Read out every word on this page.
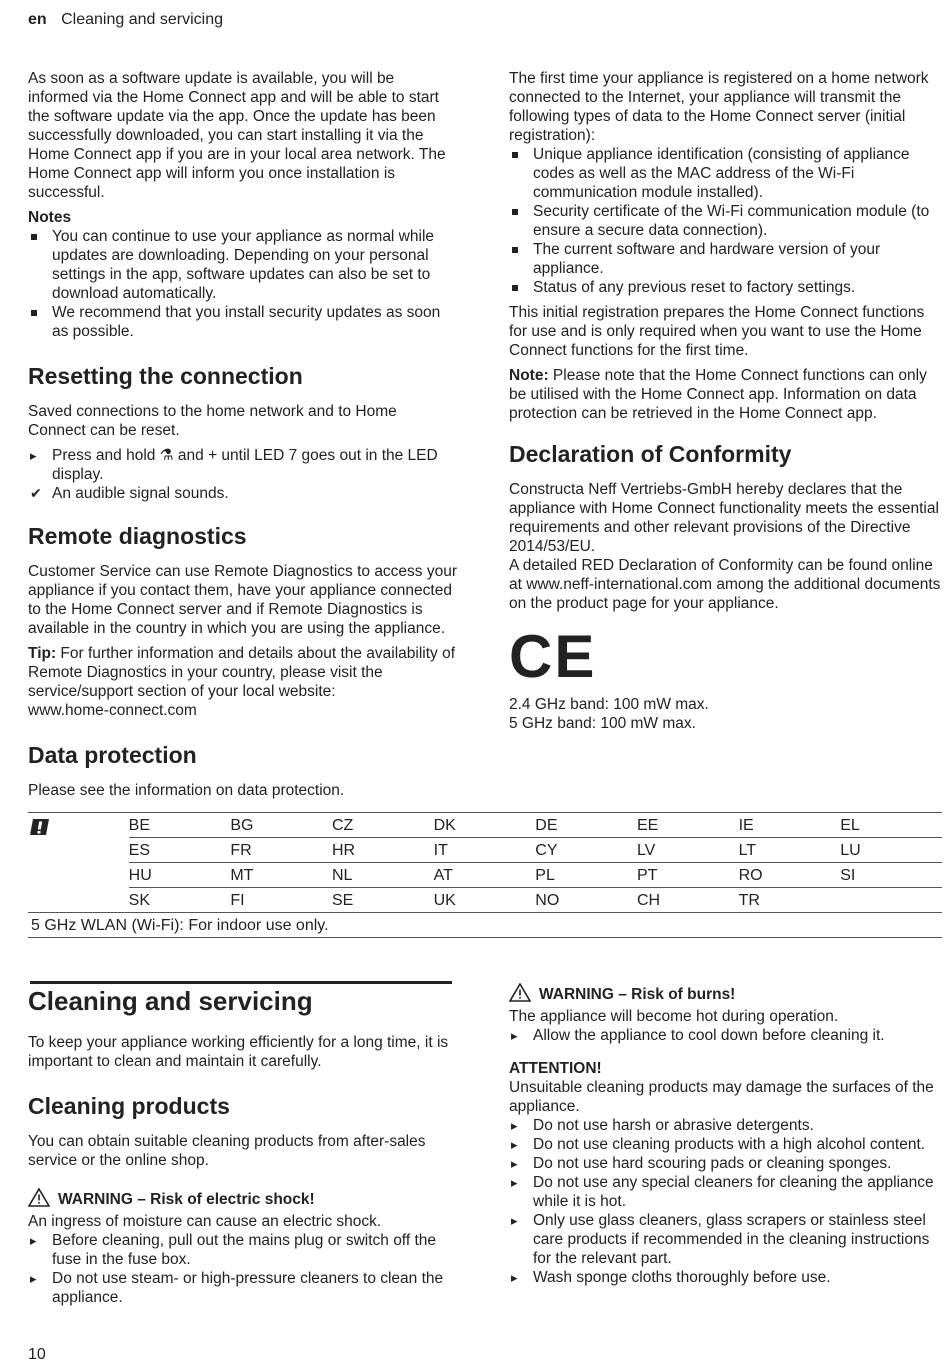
en Cleaning and servicing

As soon as a software update is available, you will be informed via the Home Connect app and will be able to start the software update via the app. Once the update has been successfully downloaded, you can start installing it via the Home Connect app if you are in your local area network. The Home Connect app will inform you once installation is successful.

Notes
You can continue to use your appliance as normal while updates are downloading. Depending on your personal settings in the app, software updates can also be set to download automatically.
We recommend that you install security updates as soon as possible.
Resetting the connection

Saved connections to the home network and to Home Connect can be reset.

▸ Press and hold ⚗ and + until LED 7 goes out in the LED display.
✔ An audible signal sounds.
Remote diagnostics

Customer Service can use Remote Diagnostics to access your appliance if you contact them, have your appliance connected to the Home Connect server and if Remote Diagnostics is available in the country in which you are using the appliance.

Tip: For further information and details about the availability of Remote Diagnostics in your country, please visit the service/support section of your local website:
www.home-connect.com

Data protection

Please see the information on data protection.

The first time your appliance is registered on a home network connected to the Internet, your appliance will transmit the following types of data to the Home Connect server (initial registration):

Unique appliance identification (consisting of appliance codes as well as the MAC address of the Wi-Fi communication module installed).
Security certificate of the Wi-Fi communication module (to ensure a secure data connection).
The current software and hardware version of your appliance.
Status of any previous reset to factory settings.

This initial registration prepares the Home Connect functions for use and is only required when you want to use the Home Connect functions for the first time.

Note: Please note that the Home Connect functions can only be utilised with the Home Connect app. Information on data protection can be retrieved in the Home Connect app.

Declaration of Conformity

Constructa Neff Vertriebs-GmbH hereby declares that the appliance with Home Connect functionality meets the essential requirements and other relevant provisions of the Directive 2014/53/EU.

A detailed RED Declaration of Conformity can be found online at www.neff-international.com among the additional documents on the product page for your appliance.

CE
2.4 GHz band: 100 mW max.
5 GHz band: 100 mW max.
	BE	BG	CZ	DK	DE	EE	IE	EL
	ES	FR	HR	IT	CY	LV	LT	LU
	HU	MT	NL	AT	PL	PT	RO	SI
	SK	FI	SE	UK	NO	CH	TR	
5 GHz WLAN (Wi-Fi): For indoor use only.								
Cleaning and servicing

To keep your appliance working efficiently for a long time, it is important to clean and maintain it carefully.

Cleaning products

You can obtain suitable cleaning products from after-sales service or the online shop.

WARNING – Risk of electric shock!
An ingress of moisture can cause an electric shock.
▸ Before cleaning, pull out the mains plug or switch off the fuse in the fuse box.
▸ Do not use steam- or high-pressure cleaners to clean the appliance.
WARNING – Risk of burns!
The appliance will become hot during operation.
▸ Allow the appliance to cool down before cleaning it.
ATTENTION!
Unsuitable cleaning products may damage the surfaces of the appliance.
▸ Do not use harsh or abrasive detergents.
▸ Do not use cleaning products with a high alcohol content.
▸ Do not use hard scouring pads or cleaning sponges.
▸ Do not use any special cleaners for cleaning the appliance while it is hot.
▸ Only use glass cleaners, glass scrapers or stainless steel care products if recommended in the cleaning instructions for the relevant part.
▸ Wash sponge cloths thoroughly before use.
10
